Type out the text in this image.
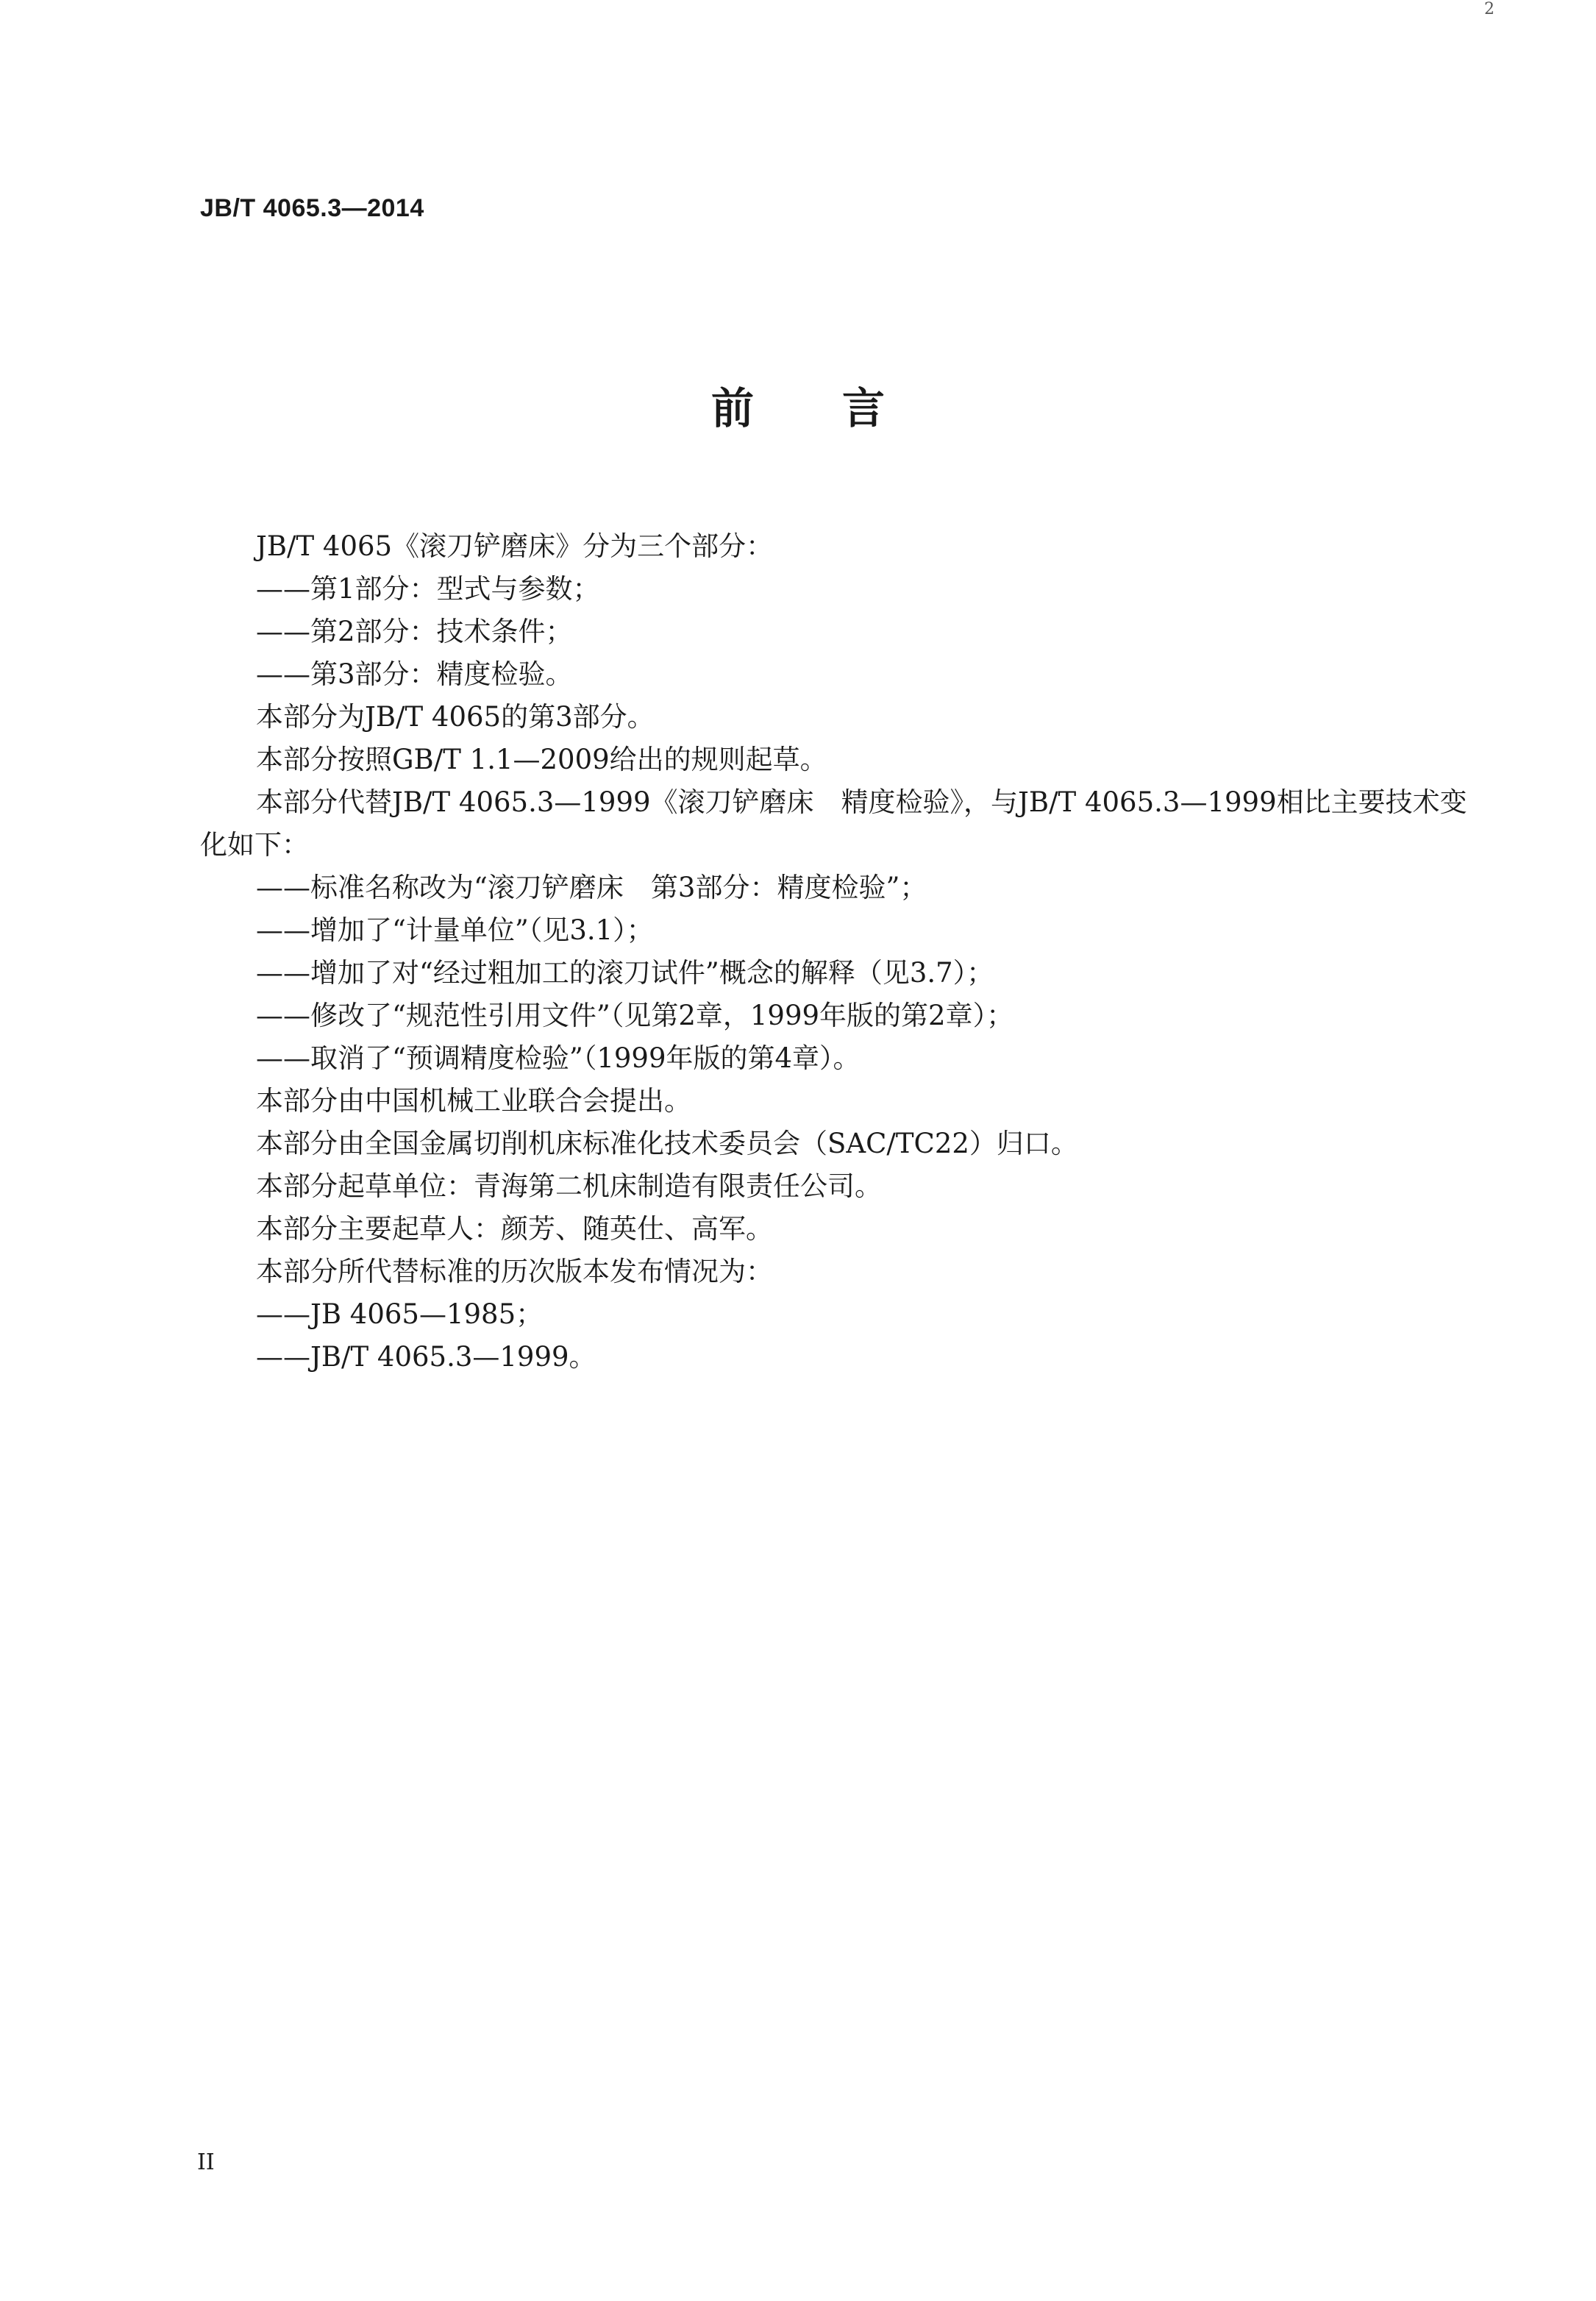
2
JB/T 4065.3—2014
前言

JB/T 4065《滚刀铲磨床》分为三个部分：

——第1部分：型式与参数；

——第2部分：技术条件；

——第3部分：精度检验。

本部分为JB/T 4065的第3部分。

本部分按照GB/T 1.1—2009给出的规则起草。

本部分代替JB/T 4065.3—1999《滚刀铲磨床　精度检验》，与JB/T 4065.3—1999相比主要技术变化如下：

——标准名称改为“滚刀铲磨床　第3部分：精度检验”；

——增加了“计量单位”（见3.1）；

——增加了对“经过粗加工的滚刀试件”概念的解释（见3.7）；

——修改了“规范性引用文件”（见第2章，1999年版的第2章）；

——取消了“预调精度检验”（1999年版的第4章）。

本部分由中国机械工业联合会提出。

本部分由全国金属切削机床标准化技术委员会（SAC/TC22）归口。

本部分起草单位：青海第二机床制造有限责任公司。

本部分主要起草人：颜芳、随英仕、高军。

本部分所代替标准的历次版本发布情况为：

——JB 4065—1985；

——JB/T 4065.3—1999。

II
